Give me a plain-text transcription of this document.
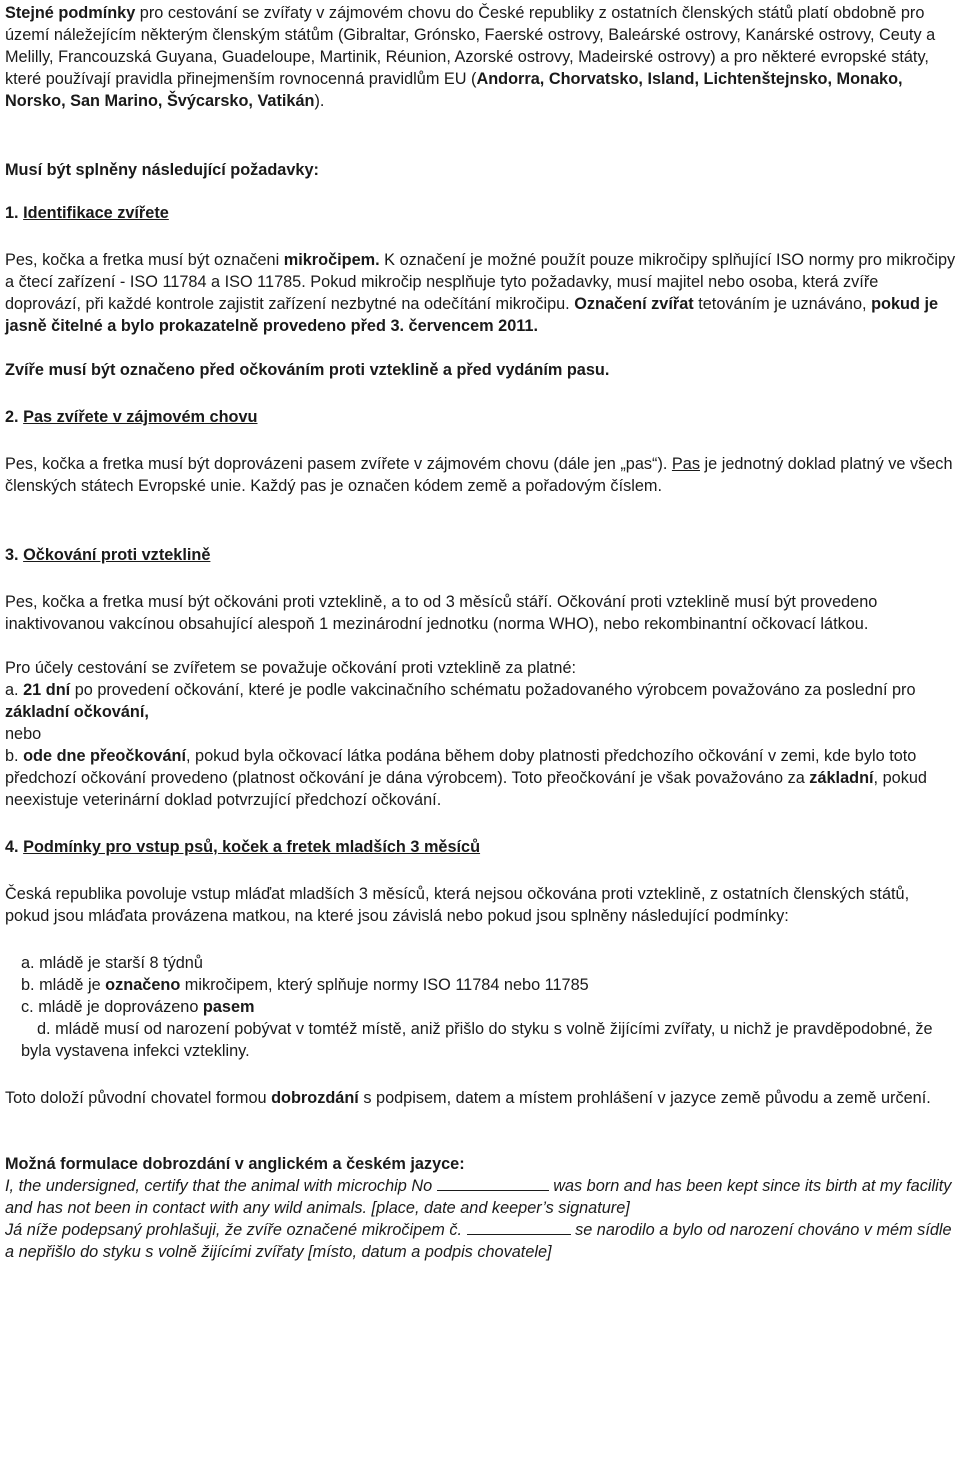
Stejné podmínky pro cestování se zvířaty v zájmovém chovu do České republiky z ostatních členských států platí obdobně pro území náležejícím některým členským státům (Gibraltar, Grónsko, Faerské ostrovy, Baleárské ostrovy, Kanárské ostrovy, Ceuty a Melilly, Francouzská Guyana, Guadeloupe, Martinik, Réunion, Azorské ostrovy, Madeirské ostrovy) a pro některé evropské státy, které používají pravidla přinejmenším rovnocenná pravidlům EU (Andorra, Chorvatsko, Island, Lichtenštejnsko, Monako, Norsko, San Marino, Švýcarsko, Vatikán).

Musí být splněny následující požadavky:

1. Identifikace zvířete

Pes, kočka a fretka musí být označeni mikročipem. K označení je možné použít pouze mikročipy splňující ISO normy pro mikročipy a čtecí zařízení - ISO 11784 a ISO 11785. Pokud mikročip nesplňuje tyto požadavky, musí majitel nebo osoba, která zvíře doprovází, při každé kontrole zajistit zařízení nezbytné na odečítání mikročipu. Označení zvířat tetováním je uznáváno, pokud je jasně čitelné a bylo prokazatelně provedeno před 3. červencem 2011.

Zvíře musí být označeno před očkováním proti vzteklině a před vydáním pasu.

2. Pas zvířete v zájmovém chovu

Pes, kočka a fretka musí být doprovázeni pasem zvířete v zájmovém chovu (dále jen „pas“). Pas je jednotný doklad platný ve všech členských státech Evropské unie. Každý pas je označen kódem země a pořadovým číslem.

3. Očkování proti vzteklině

Pes, kočka a fretka musí být očkováni proti vzteklině, a to od 3 měsíců stáří. Očkování proti vzteklině musí být provedeno inaktivovanou vakcínou obsahující alespoň 1 mezinárodní jednotku (norma WHO), nebo rekombinantní očkovací látkou.

Pro účely cestování se zvířetem se považuje očkování proti vzteklině za platné:
a. 21 dní po provedení očkování, které je podle vakcinačního schématu požadovaného výrobcem považováno za poslední pro základní očkování,
nebo
b. ode dne přeočkování, pokud byla očkovací látka podána během doby platnosti předchozího očkování v zemi, kde bylo toto předchozí očkování provedeno (platnost očkování je dána výrobcem). Toto přeočkování je však považováno za základní, pokud neexistuje veterinární doklad potvrzující předchozí očkování.

4. Podmínky pro vstup psů, koček a fretek mladších 3 měsíců

Česká republika povoluje vstup mláďat mladších 3 měsíců, která nejsou očkována proti vzteklině, z ostatních členských států, pokud jsou mláďata provázena matkou, na které jsou závislá nebo pokud jsou splněny následující podmínky:

a. mládě je starší 8 týdnů
b. mládě je označeno mikročipem, který splňuje normy ISO 11784 nebo 11785
c. mládě je doprovázeno pasem
d. mládě musí od narození pobývat v tomtéž místě, aniž přišlo do styku s volně žijícími zvířaty, u nichž je pravděpodobné, že byla vystavena infekci vztekliny.

Toto doloží původní chovatel formou dobrozdání s podpisem, datem a místem prohlášení v jazyce země původu a země určení.

Možná formulace dobrozdání v anglickém a českém jazyce:
I, the undersigned, certify that the animal with microchip No	was born and has been kept since its birth at my facility and has not been in contact with any wild animals. [place, date and keeper’s signature]
Já níže podepsaný prohlašuji, že zvíře označené mikročipem č.	se narodilo a bylo od narození chováno v mém sídle a nepřišlo do styku s volně žijícími zvířaty [místo, datum a podpis chovatele]
